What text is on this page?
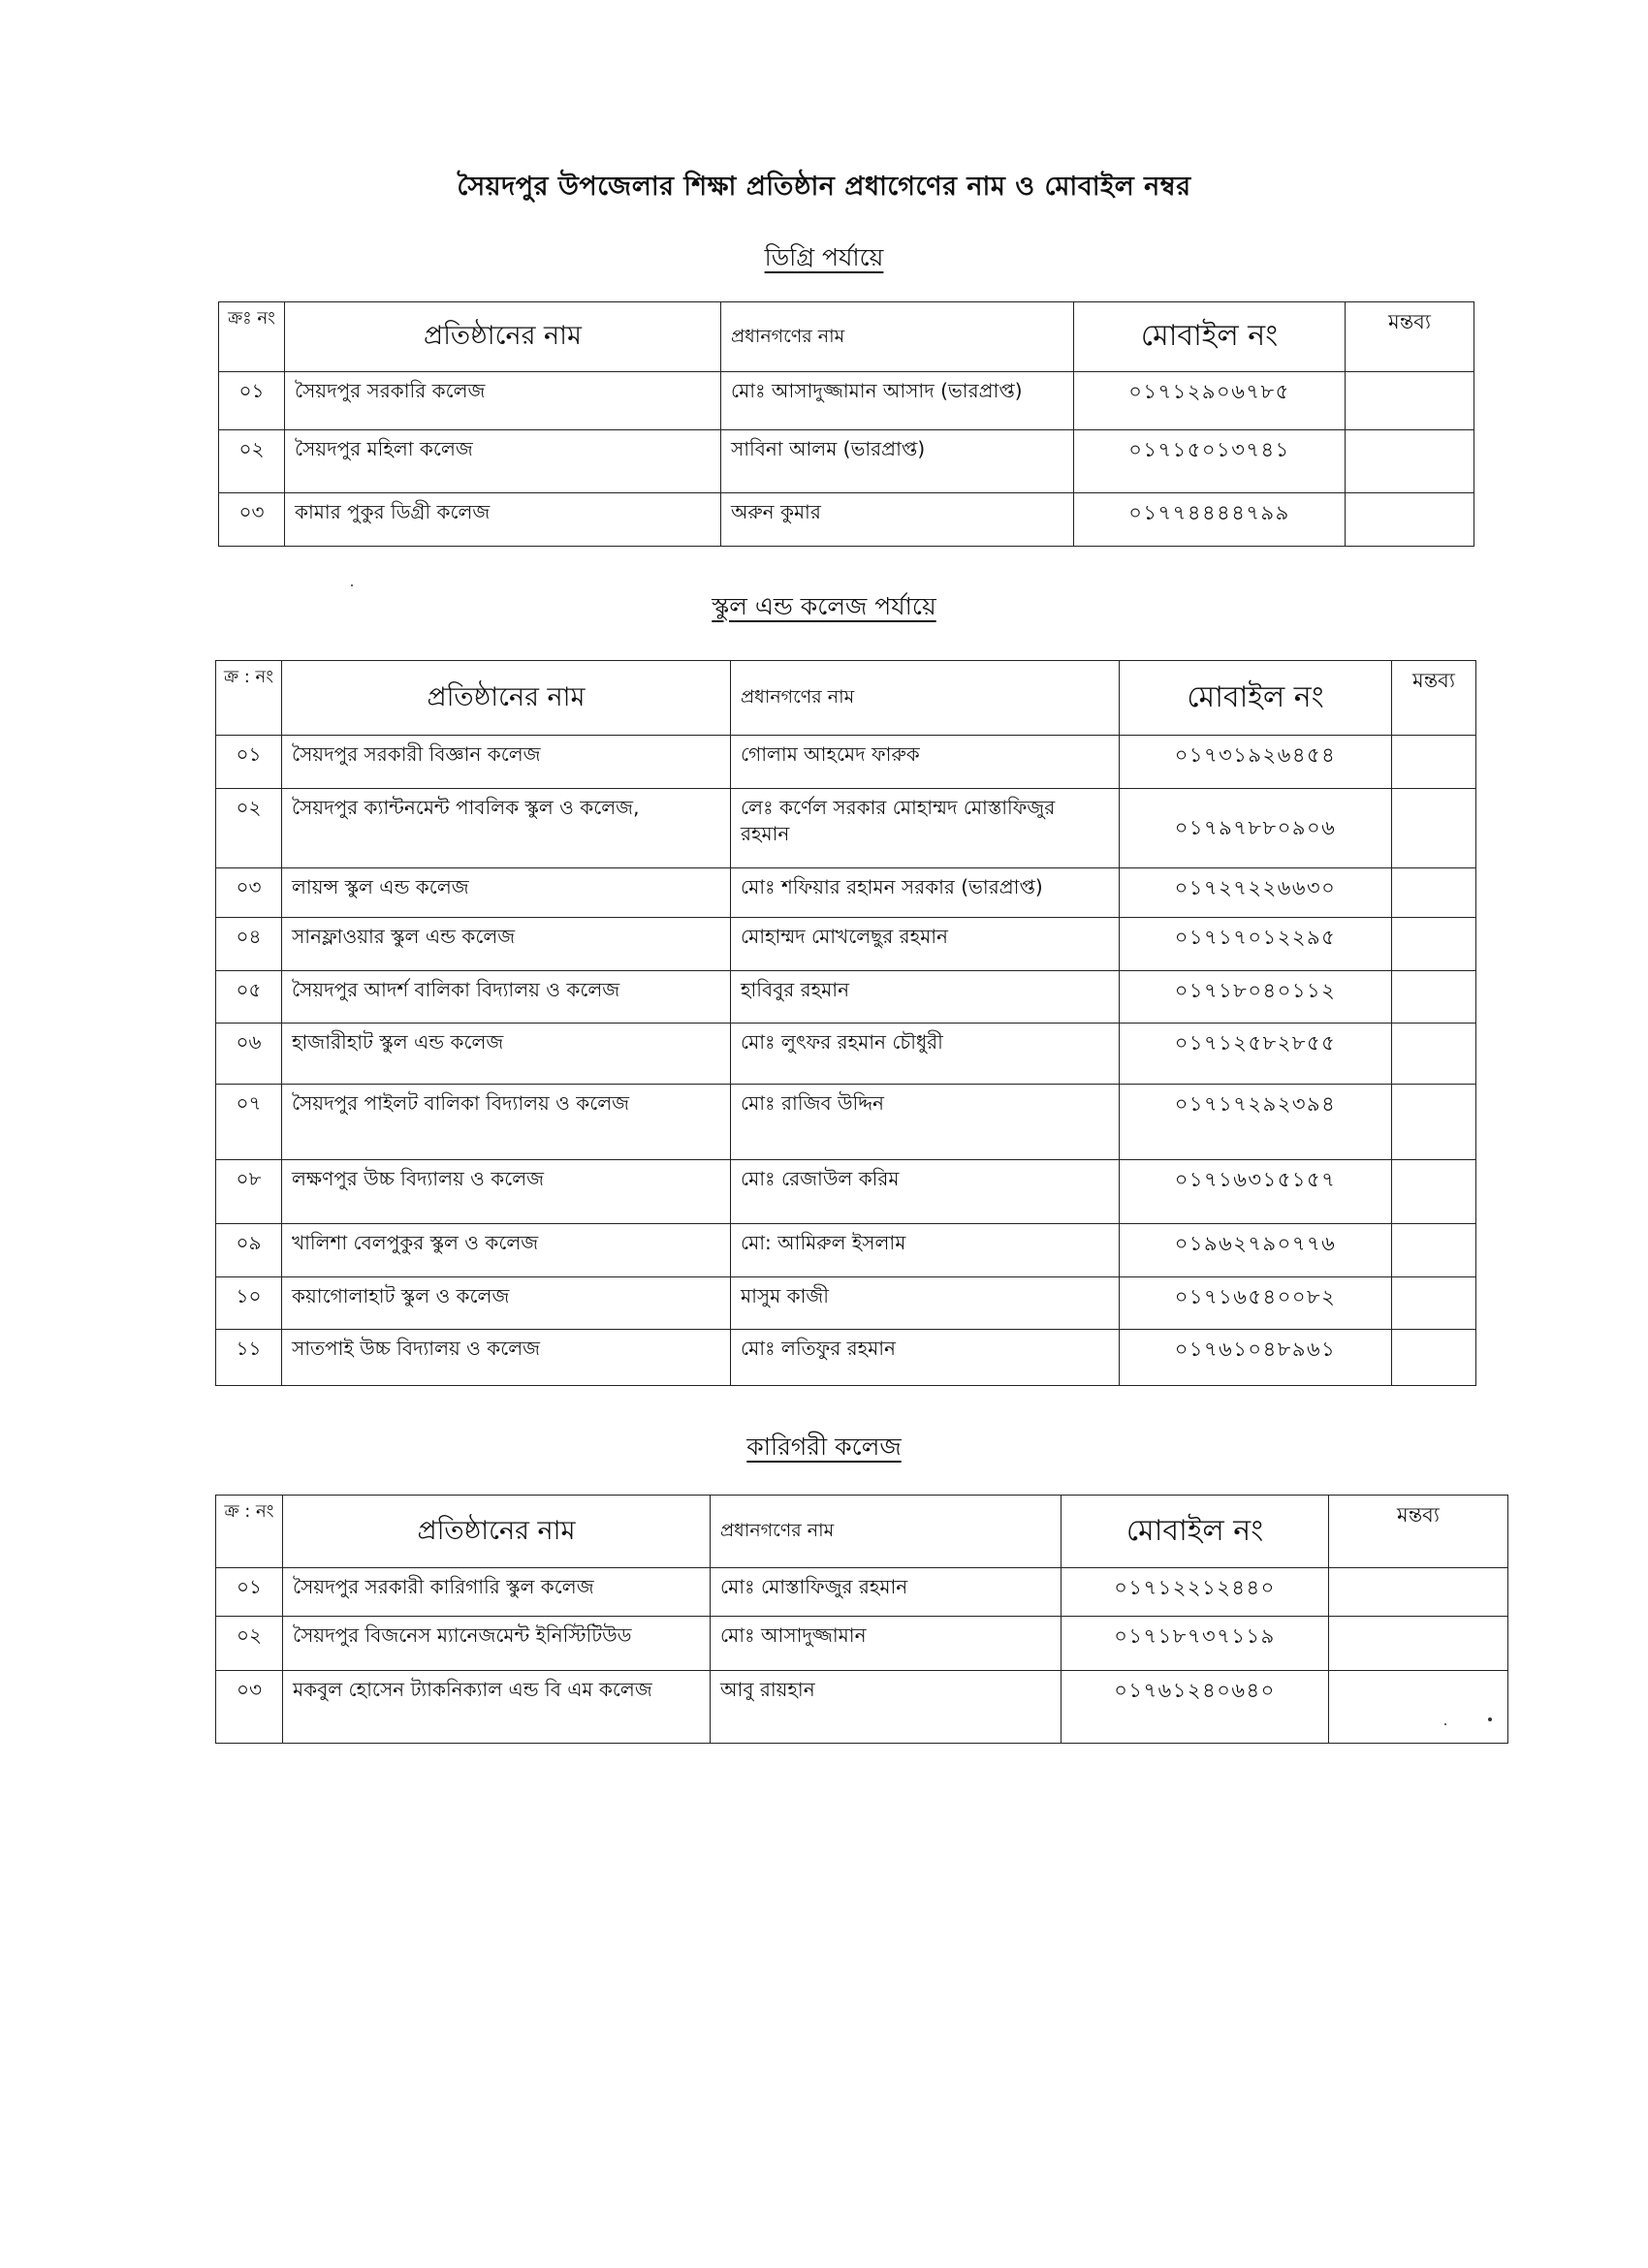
সৈয়দপুর উপজেলার শিক্ষা প্রতিষ্ঠান প্রধাগেণের নাম ও মোবাইল নম্বর
ডিগ্রি পর্যায়ে
ক্রঃ নং	প্রতিষ্ঠানের নাম	প্রধানগণের নাম	মোবাইল নং	মন্তব্য
০১	সৈয়দপুর সরকারি কলেজ	মোঃ আসাদুজ্জামান আসাদ (ভারপ্রাপ্ত)	০১৭১২৯০৬৭৮৫	
০২	সৈয়দপুর মহিলা কলেজ	সাবিনা আলম (ভারপ্রাপ্ত)	০১৭১৫০১৩৭৪১	
০৩	কামার পুকুর ডিগ্রী কলেজ	অরুন কুমার	০১৭৭৪৪৪৪৭৯৯	
স্কুল এন্ড কলেজ পর্যায়ে
ক্র : নং	প্রতিষ্ঠানের নাম	প্রধানগণের নাম	মোবাইল নং	মন্তব্য
০১	সৈয়দপুর সরকারী বিজ্ঞান কলেজ	গোলাম আহমেদ ফারুক	০১৭৩১৯২৬৪৫৪	
০২	সৈয়দপুর ক্যান্টনমেন্ট পাবলিক স্কুল ও কলেজ,	লেঃ কর্ণেল সরকার মোহাম্মদ মোস্তাফিজুর রহমান	০১৭৯৭৮৮০৯০৬	
০৩	লায়ন্স স্কুল এন্ড কলেজ	মোঃ শফিয়ার রহামন সরকার (ভারপ্রাপ্ত)	০১৭২৭২২৬৬৩০	
০৪	সানফ্লাওয়ার স্কুল এন্ড কলেজ	মোহাম্মদ মোখলেছুর রহমান	০১৭১৭০১২২৯৫	
০৫	সৈয়দপুর আদর্শ বালিকা বিদ্যালয় ও কলেজ	হাবিবুর রহমান	০১৭১৮০৪০১১২	
০৬	হাজারীহাট স্কুল এন্ড কলেজ	মোঃ লুৎফর রহমান চৌধুরী	০১৭১২৫৮২৮৫৫	
০৭	সৈয়দপুর পাইলট বালিকা বিদ্যালয় ও কলেজ	মোঃ রাজিব উদ্দিন	০১৭১৭২৯২৩৯৪	
০৮	লক্ষণপুর উচ্চ বিদ্যালয় ও কলেজ	মোঃ রেজাউল করিম	০১৭১৬৩১৫১৫৭	
০৯	খালিশা বেলপুকুর স্কুল ও কলেজ	মো: আমিরুল ইসলাম	০১৯৬২৭৯০৭৭৬	
১০	কয়াগোলাহাট স্কুল ও কলেজ	মাসুম কাজী	০১৭১৬৫৪০০৮২	
১১	সাতপাই উচ্চ বিদ্যালয় ও কলেজ	মোঃ লতিফুর রহমান	০১৭৬১০৪৮৯৬১	
কারিগরী কলেজ
ক্র : নং	প্রতিষ্ঠানের নাম	প্রধানগণের নাম	মোবাইল নং	মন্তব্য
০১	সৈয়দপুর সরকারী কারিগারি স্কুল কলেজ	মোঃ মোস্তাফিজুর রহমান	০১৭১২২১২৪৪০	
০২	সৈয়দপুর বিজনেস ম্যানেজমেন্ট ইনিস্টিটিউড	মোঃ আসাদুজ্জামান	০১৭১৮৭৩৭১১৯	
০৩	মকবুল হোসেন ট্যাকনিক্যাল এন্ড বি এম কলেজ	আবু রায়হান	০১৭৬১২৪০৬৪০	
